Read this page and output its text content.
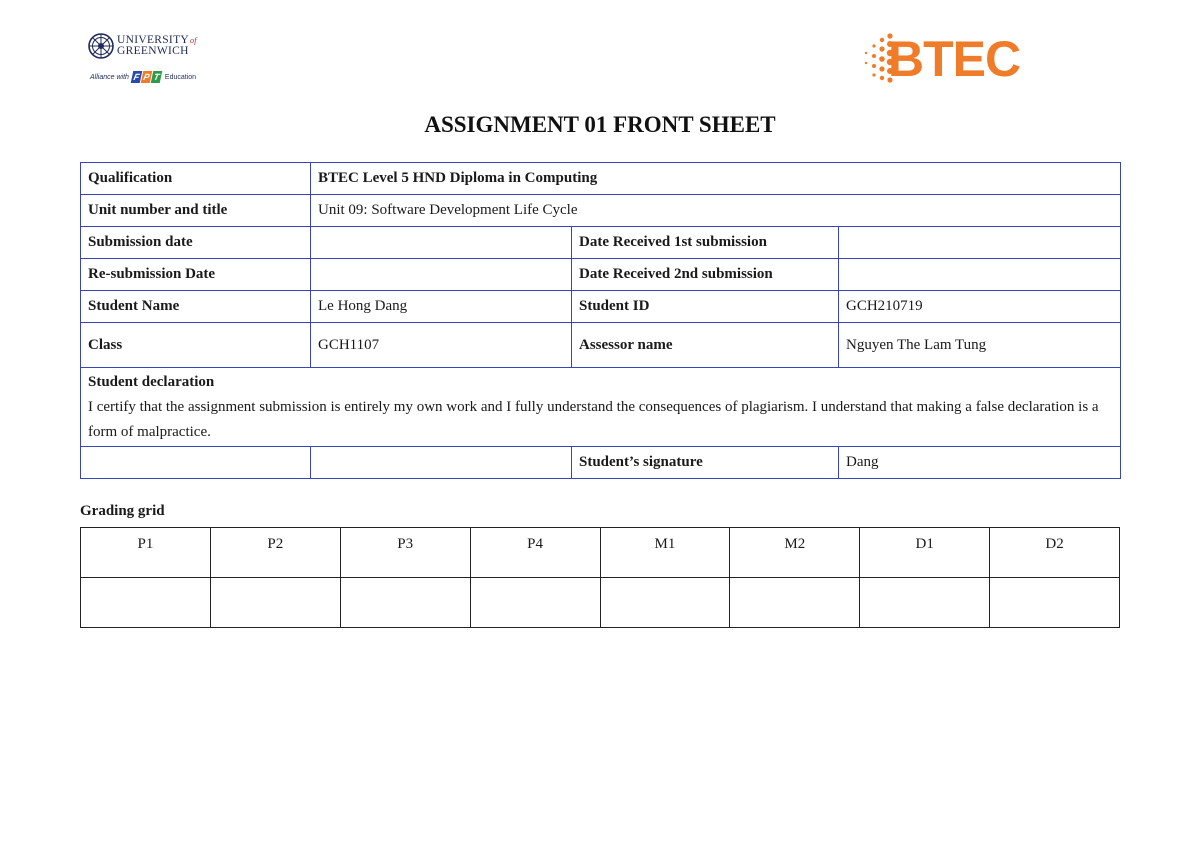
UNIVERSITYof
GREENWICH
Alliance with F P T Education	BTEC
ASSIGNMENT 01 FRONT SHEET
Qualification	BTEC Level 5 HND Diploma in Computing		
Unit number and title	Unit 09: Software Development Life Cycle		
Submission date		Date Received 1st submission	
Re-submission Date		Date Received 2nd submission	
Student Name	Le Hong Dang	Student ID	GCH210719
Class	GCH1107	Assessor name	Nguyen The Lam Tung

Student declaration
I certify that the assignment submission is entirely my own work and I fully understand the consequences of plagiarism. I understand that making a false declaration is a form of malpractice.			

		Student’s signature	Dang
Grading grid
P1	P2	P3	P4	M1	M2	D1	D2
